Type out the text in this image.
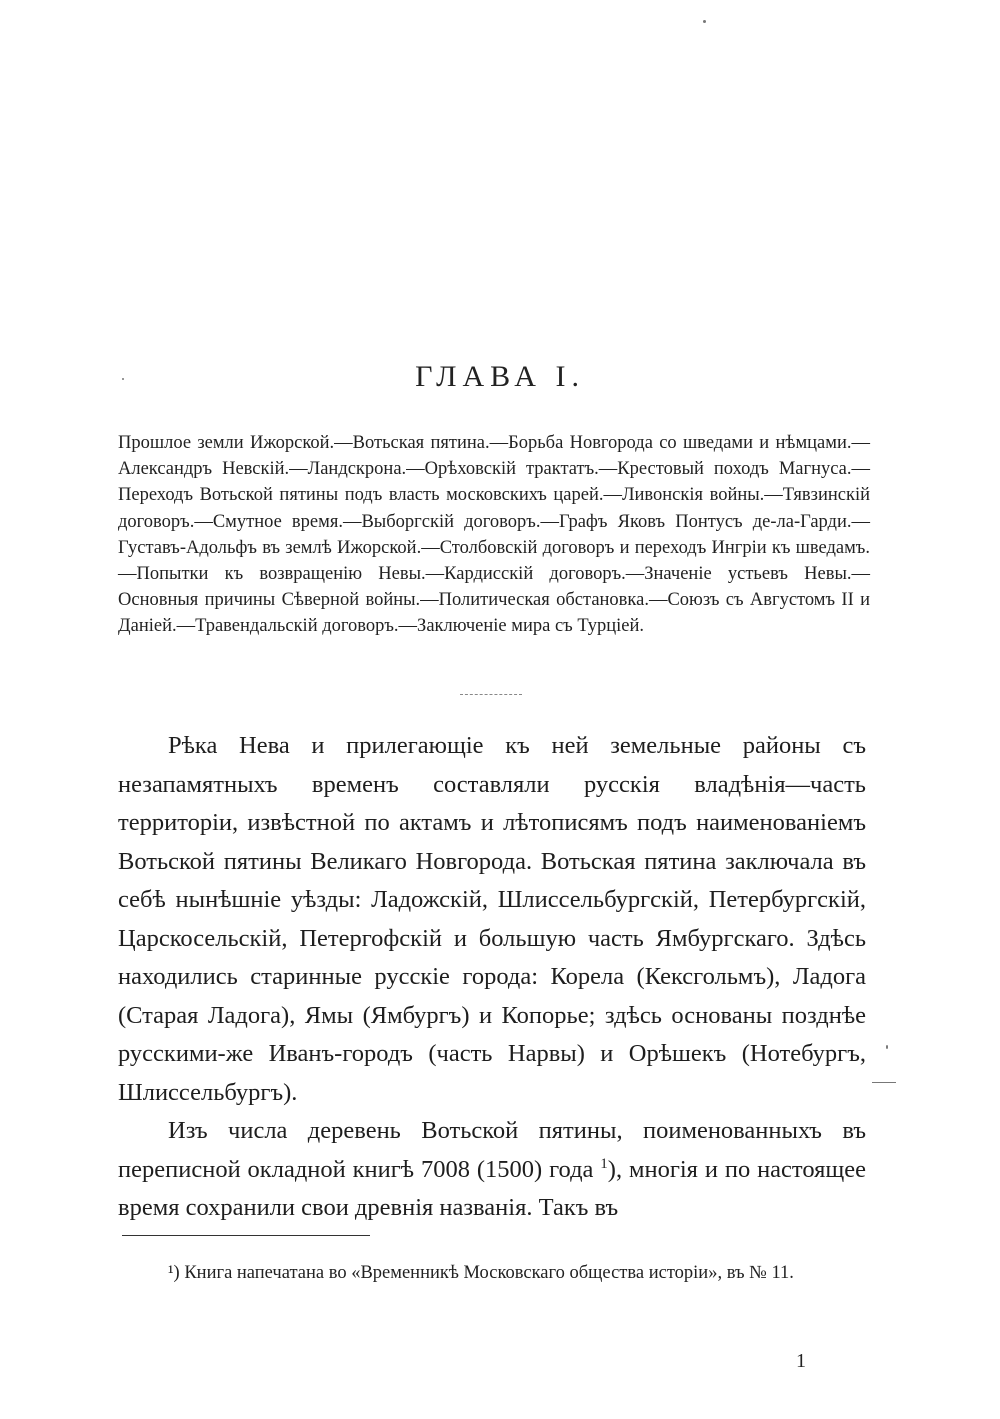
ГЛАВА I.
Прошлое земли Ижорской.—Вотьская пятина.—Борьба Новгорода со шведами и нѣмцами.—Александръ Невскій.—Ландскрона.—Орѣховскій трактатъ.—Крестовый походъ Магнуса.—Переходъ Вотьской пятины подъ власть московскихъ царей.—Ливонскія войны.—Тявзинскій договоръ.—Смутное время.—Выборгскій договоръ.—Графъ Яковъ Понтусъ де-ла-Гарди.—Густавъ-Адольфъ въ землѣ Ижорской.—Столбовскій договоръ и переходъ Ингріи къ шведамъ.—Попытки къ возвращенію Невы.—Кардисскій договоръ.—Значеніе устьевъ Невы.—Основныя причины Сѣверной войны.—Политическая обстановка.—Союзъ съ Августомъ II и Даніей.—Травендальскій договоръ.—Заключеніе мира съ Турціей.

Рѣка Нева и прилегающіе къ ней земельные районы съ незапамятныхъ временъ составляли русскія владѣнія—часть территоріи, извѣстной по актамъ и лѣтописямъ подъ наименованіемъ Вотьской пятины Великаго Новгорода. Вотьская пятина заключала въ себѣ нынѣшніе уѣзды: Ладожскій, Шлиссельбургскій, Петербургскій, Царскосельскій, Петергофскій и большую часть Ямбургскаго. Здѣсь находились старинные русскіе города: Корела (Кексгольмъ), Ладога (Старая Ладога), Ямы (Ямбургъ) и Копорье; здѣсь основаны позднѣе русскими-же Иванъ-городъ (часть Нарвы) и Орѣшекъ (Нотебургъ, Шлиссельбургъ).

Изъ числа деревень Вотьской пятины, поименованныхъ въ переписной окладной книгѣ 7008 (1500) года $^1$), многія и по настоящее время сохранили свои древнія названія. Такъ въ

¹) Книга напечатана во «Временникѣ Московскаго общества исторіи», въ № 11.

1
